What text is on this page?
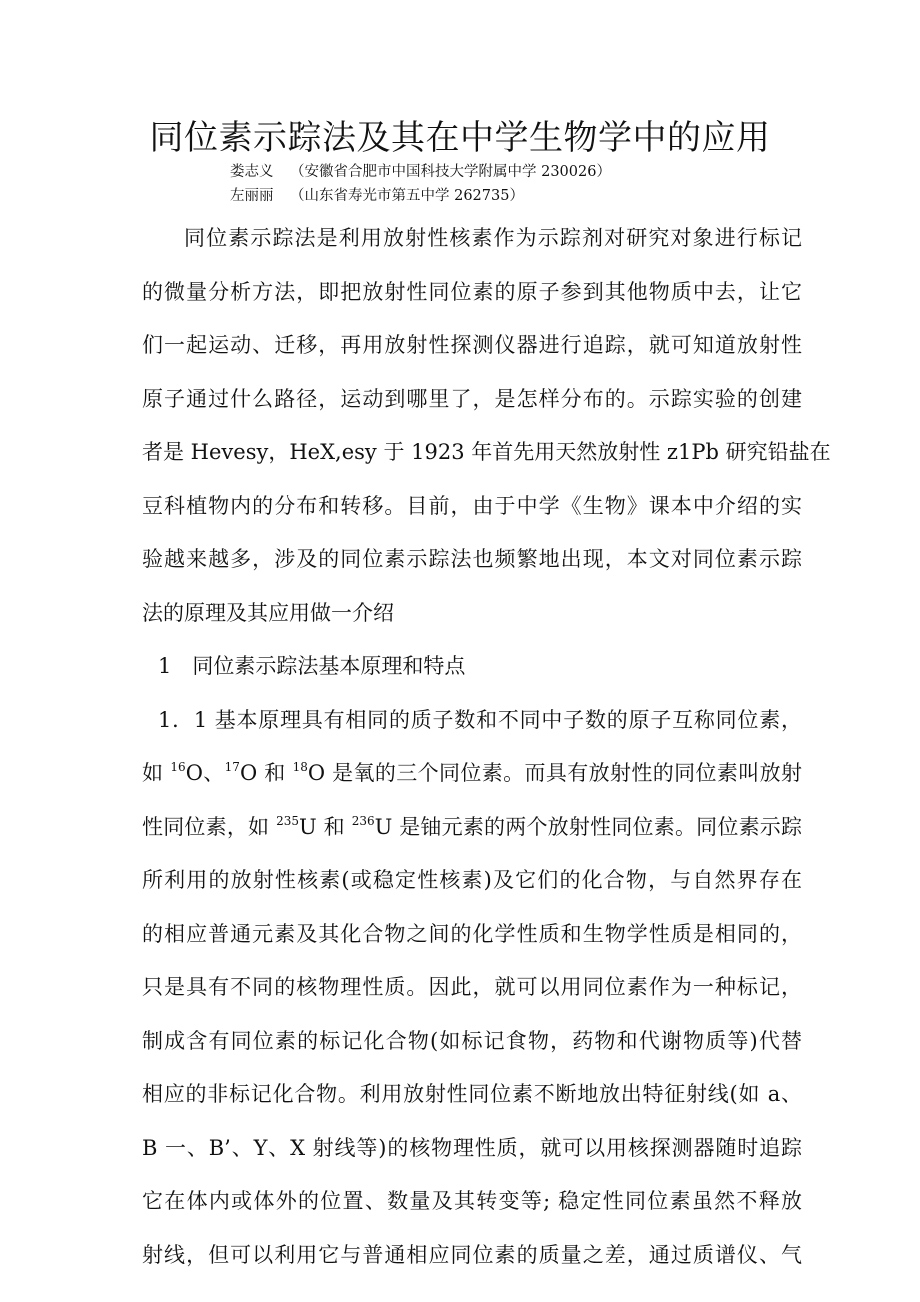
同位素示踪法及其在中学生物学中的应用
娄志义 （安徽省合肥市中国科技大学附属中学 230026）
左丽丽 （山东省寿光市第五中学 262735）
同位素示踪法是利用放射性核素作为示踪剂对研究对象进行标记
的微量分析方法，即把放射性同位素的原子参到其他物质中去，让它
们一起运动、迁移，再用放射性探测仪器进行追踪，就可知道放射性
原子通过什么路径，运动到哪里了，是怎样分布的。示踪实验的创建
者是 Hevesy，HeX,esy 于 1923 年首先用天然放射性 z1Pb 研究铅盐在
豆科植物内的分布和转移。目前，由于中学《生物》课本中介绍的实
验越来越多，涉及的同位素示踪法也频繁地出现，本文对同位素示踪
法的原理及其应用做一介绍
1　同位素示踪法基本原理和特点
1．1 基本原理具有相同的质子数和不同中子数的原子互称同位素，
如 $^{16}$O、$^{17}$O 和 $^{18}$O 是氧的三个同位素。而具有放射性的同位素叫放射
性同位素，如 $^{235}$U 和 $^{236}$U 是铀元素的两个放射性同位素。同位素示踪
所利用的放射性核素(或稳定性核素)及它们的化合物，与自然界存在
的相应普通元素及其化合物之间的化学性质和生物学性质是相同的，
只是具有不同的核物理性质。因此，就可以用同位素作为一种标记，
制成含有同位素的标记化合物(如标记食物，药物和代谢物质等)代替
相应的非标记化合物。利用放射性同位素不断地放出特征射线(如 a、
B 一、B’、Y、X 射线等)的核物理性质，就可以用核探测器随时追踪
它在体内或体外的位置、数量及其转变等; 稳定性同位素虽然不释放
射线，但可以利用它与普通相应同位素的质量之差，通过质谱仪、气
